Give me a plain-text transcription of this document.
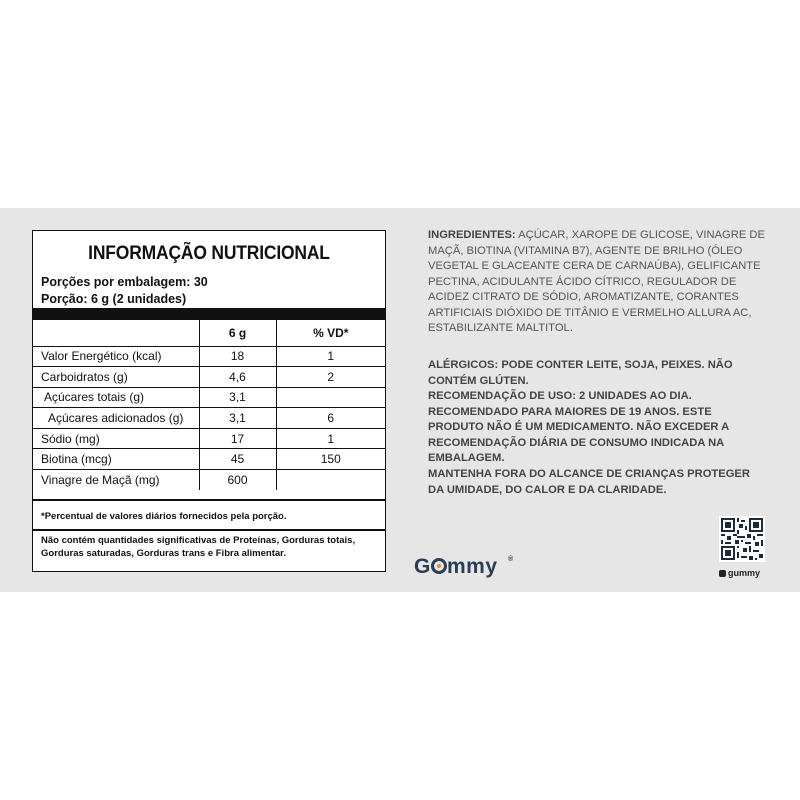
INFORMAÇÃO NUTRICIONAL
Porções por embalagem: 30
Porção: 6 g (2 unidades)
	6 g	% VD*
Valor Energético (kcal)	18	1
Carboidratos (g)	4,6	2
Açúcares totais (g)	3,1	
Açúcares adicionados (g)	3,1	6
Sódio (mg)	17	1
Biotina (mcg)	45	150
Vinagre de Maçã (mg)	600	
*Percentual de valores diários fornecidos pela porção.
Não contém quantidades significativas de Proteínas, Gorduras totais, Gorduras saturadas, Gorduras trans e Fibra alimentar.
INGREDIENTES: AÇÚCAR, XAROPE DE GLICOSE, VINAGRE DE MAÇÃ, BIOTINA (VITAMINA B7), AGENTE DE BRILHO (ÓLEO VEGETAL E GLACEANTE CERA DE CARNAÚBA), GELIFICANTE PECTINA, ACIDULANTE ÁCIDO CÍTRICO, REGULADOR DE ACIDEZ CITRATO DE SÓDIO, AROMATIZANTE, CORANTES ARTIFICIAIS DIÓXIDO DE TITÂNIO E VERMELHO ALLURA AC, ESTABILIZANTE MALTITOL.
ALÉRGICOS: PODE CONTER LEITE, SOJA, PEIXES. NÃO CONTÉM GLÚTEN.
RECOMENDAÇÃO DE USO: 2 UNIDADES AO DIA.
RECOMENDADO PARA MAIORES DE 19 ANOS. ESTE PRODUTO NÃO É UM MEDICAMENTO. NÃO EXCEDER A RECOMENDAÇÃO DIÁRIA DE CONSUMO INDICADA NA EMBALAGEM.
MANTENHA FORA DO ALCANCE DE CRIANÇAS PROTEGER DA UMIDADE, DO CALOR E DA CLARIDADE.
G mmy ®
gummy
